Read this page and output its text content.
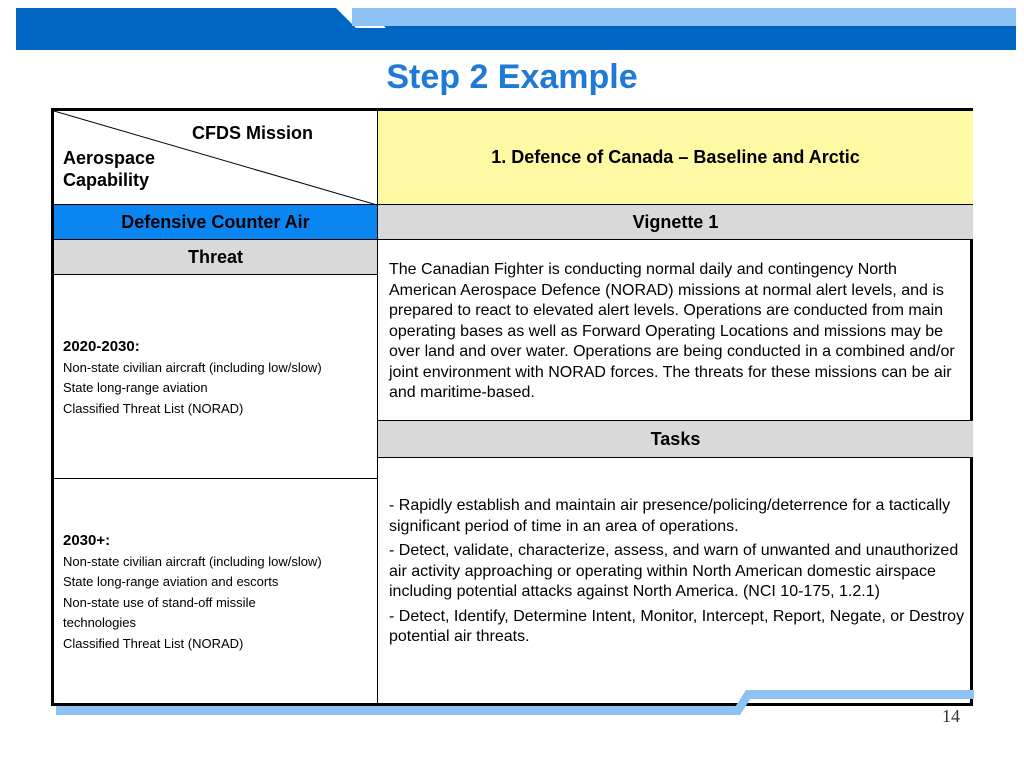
Step 2 Example
CFDS Mission
Aerospace
Capability
1. Defence of Canada – Baseline and Arctic
Defensive Counter Air	Vignette 1
Threat
2020-2030:
Non-state civilian aircraft (including low/slow)
State long-range aviation
Classified Threat List (NORAD)
2030+:
Non-state civilian aircraft (including low/slow)
State long-range aviation and escorts
Non-state use of stand-off missile
technologies
Classified Threat List (NORAD)
The Canadian Fighter is conducting normal daily and contingency North American Aerospace Defence (NORAD) missions at normal alert levels, and is prepared to react to elevated alert levels. Operations are conducted from main operating bases as well as Forward Operating Locations and missions may be over land and over water. Operations are being conducted in a combined and/or joint environment with NORAD forces. The threats for these missions can be air and maritime-based.
Tasks
- Rapidly establish and maintain air presence/policing/deterrence for a tactically significant period of time in an area of operations.
- Detect, validate, characterize, assess, and warn of unwanted and unauthorized air activity approaching or operating within North American domestic airspace including potential attacks against North America. (NCI 10-175, 1.2.1)
- Detect, Identify, Determine Intent, Monitor, Intercept, Report, Negate, or Destroy potential air threats.
14
